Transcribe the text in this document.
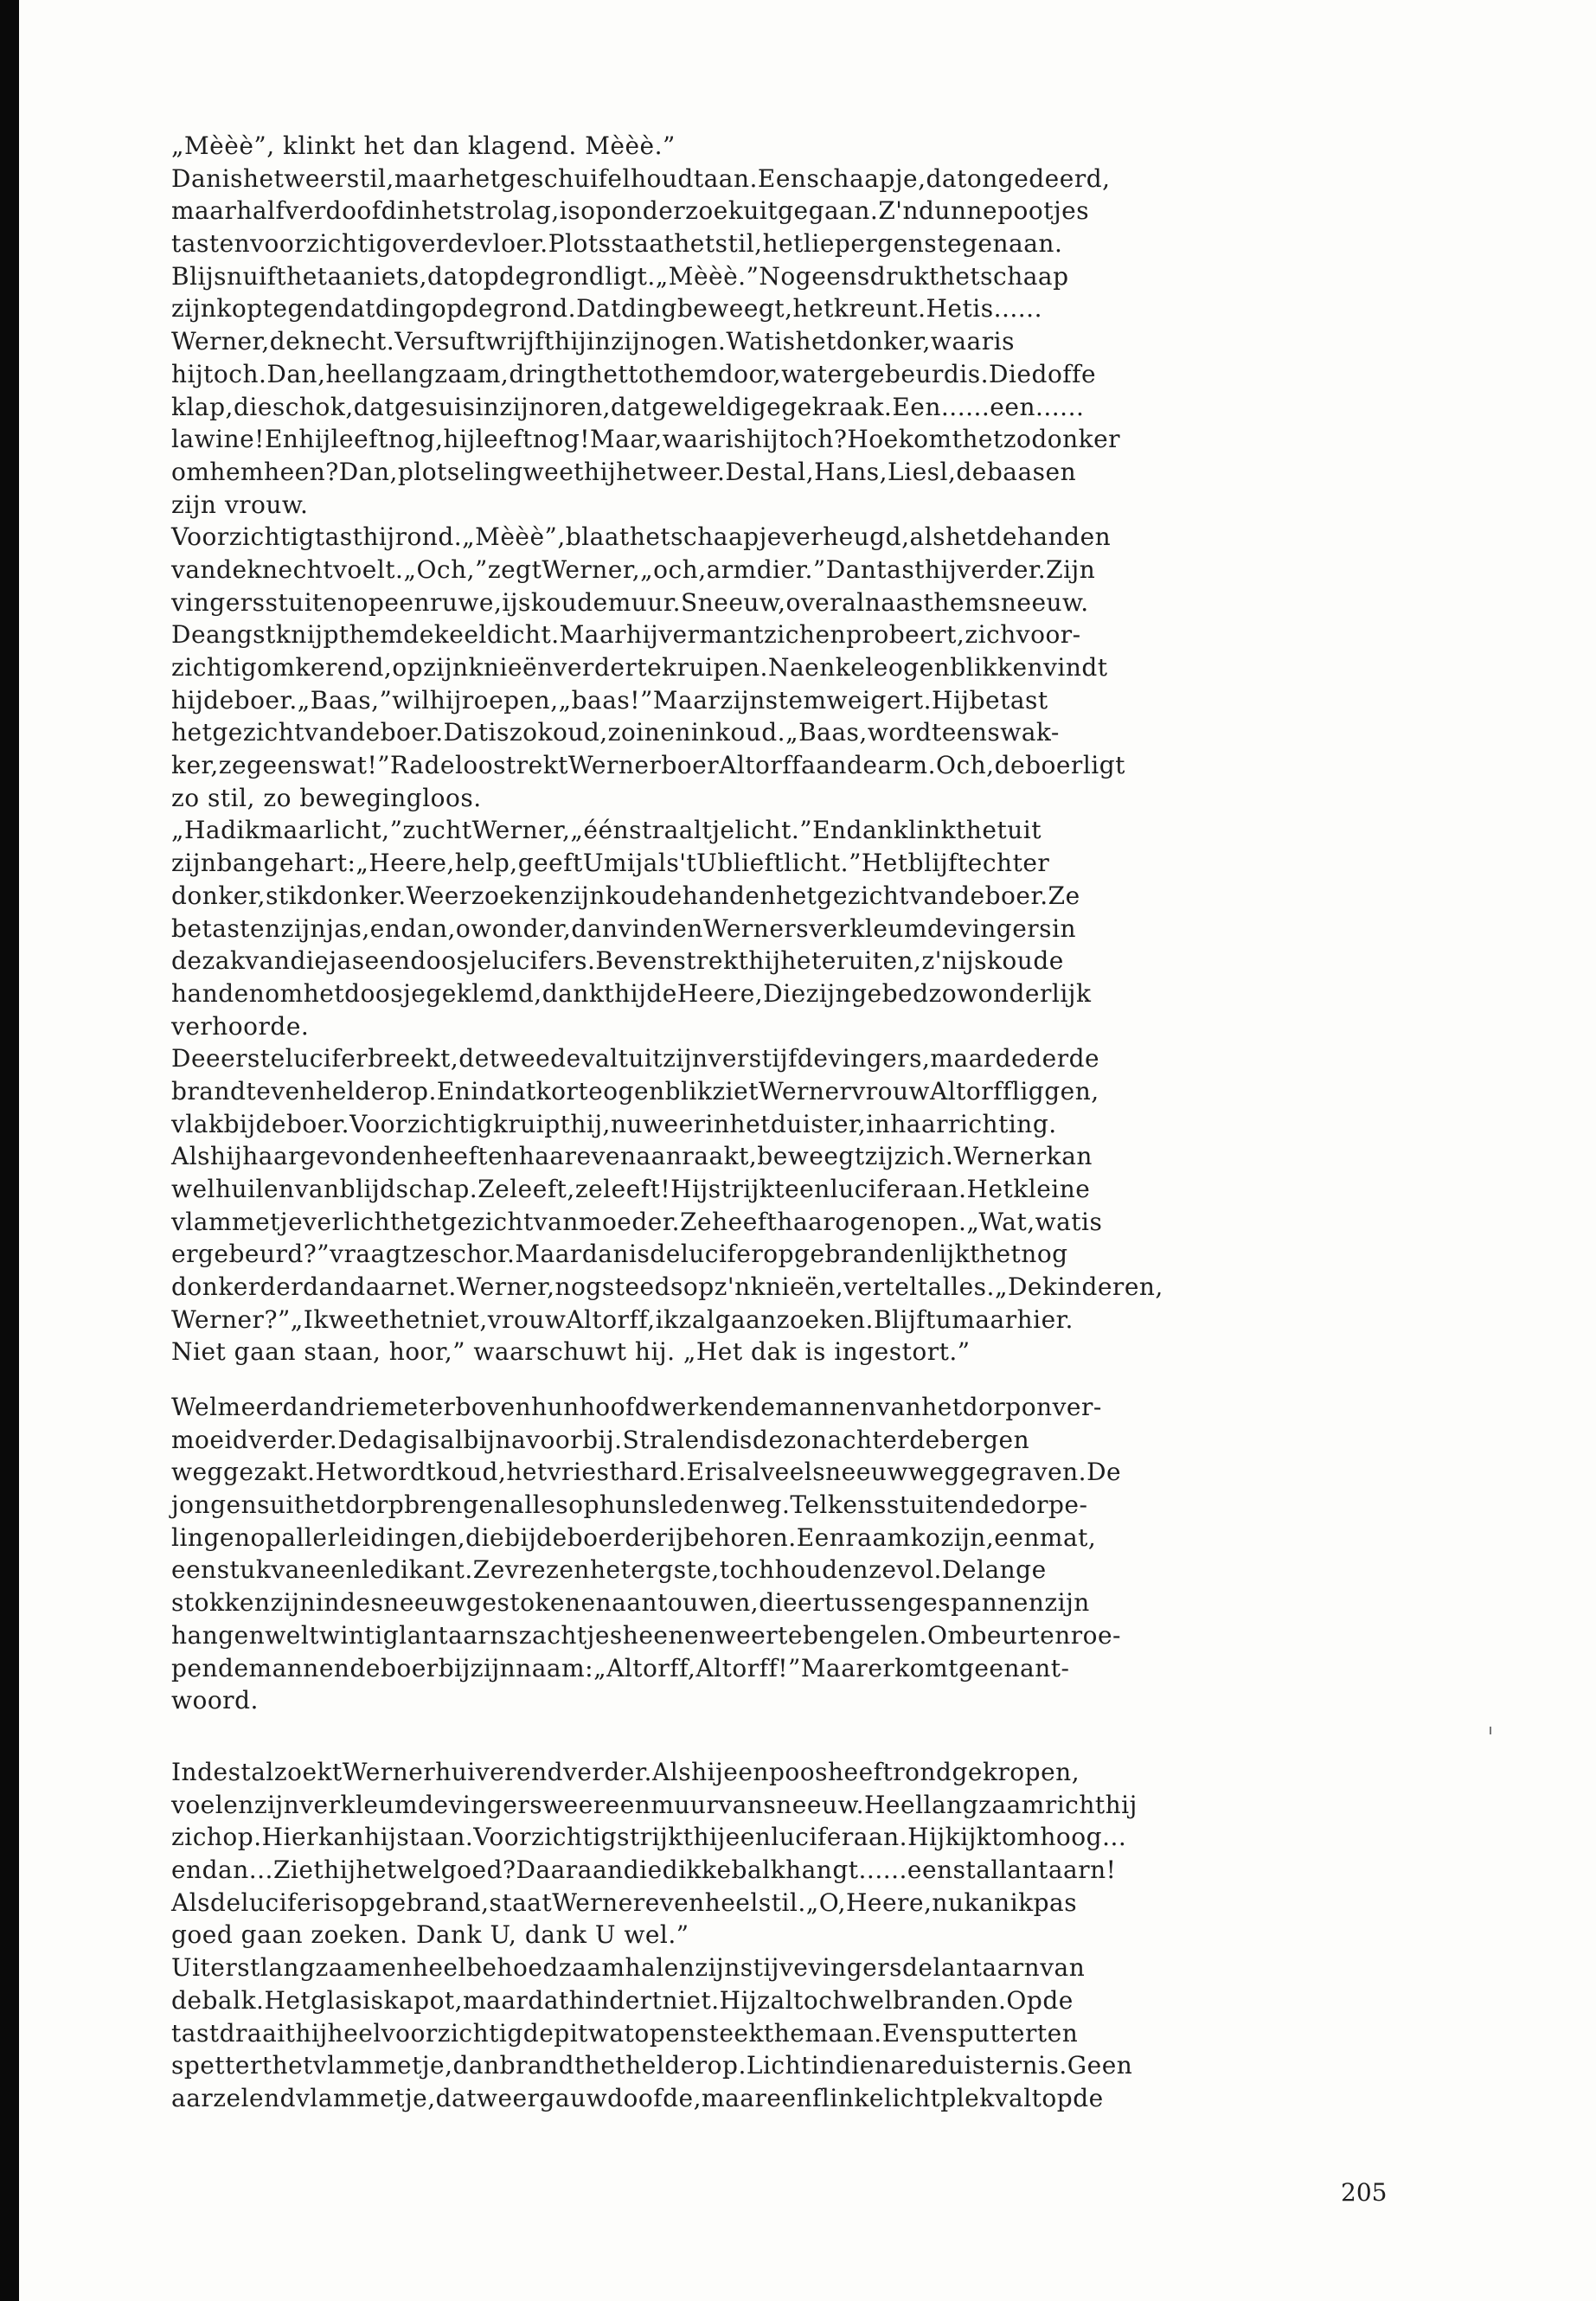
„Mèèè”, klinkt het dan klagend. Mèèè.”
Danishetweerstil,maarhetgeschuifelhoudtaan.Eenschaapje,datongedeerd,
maarhalfverdoofdinhetstrolag,isoponderzoekuitgegaan.Z'ndunnepootjes
tastenvoorzichtigoverdevloer.Plotsstaathetstil,hetliepergenstegenaan.
Blijsnuifthetaaniets,datopdegrondligt.„Mèèè.”Nogeensdrukthetschaap
zijnkoptegendatdingopdegrond.Datdingbeweegt,hetkreunt.Hetis......
Werner,deknecht.Versuftwrijfthijinzijnogen.Watishetdonker,waaris
hijtoch.Dan,heellangzaam,dringthettothemdoor,watergebeurdis.Diedoffe
klap,dieschok,datgesuisinzijnoren,datgeweldigegekraak.Een......een......
lawine!Enhijleeftnog,hijleeftnog!Maar,waarishijtoch?Hoekomthetzodonker
omhemheen?Dan,plotselingweethijhetweer.Destal,Hans,Liesl,debaasen
zijn vrouw.
Voorzichtigtasthijrond.„Mèèè”,blaathetschaapjeverheugd,alshetdehanden
vandeknechtvoelt.„Och,”zegtWerner,„och,armdier.”Dantasthijverder.Zijn
vingersstuitenopeenruwe,ijskoudemuur.Sneeuw,overalnaasthemsneeuw.
Deangstknijpthemdekeeldicht.Maarhijvermantzichenprobeert,zichvoor-
zichtigomkerend,opzijnknieënverdertekruipen.Naenkeleogenblikkenvindt
hijdeboer.„Baas,”wilhijroepen,„baas!”Maarzijnstemweigert.Hijbetast
hetgezichtvandeboer.Datiszokoud,zoineninkoud.„Baas,wordteenswak-
ker,zegeenswat!”RadeloostrektWernerboerAltorffaandearm.Och,deboerligt
zo stil, zo bewegingloos.
„Hadikmaarlicht,”zuchtWerner,„éénstraaltjelicht.”Endanklinkthetuit
zijnbangehart:„Heere,help,geeftUmijals'tUblieftlicht.”Hetblijftechter
donker,stikdonker.Weerzoekenzijnkoudehandenhetgezichtvandeboer.Ze
betastenzijnjas,endan,owonder,danvindenWernersverkleumdevingersin
dezakvandiejaseendoosjelucifers.Bevenstrekthijheteruiten,z'nijskoude
handenomhetdoosjegeklemd,dankthijdeHeere,Diezijngebedzowonderlijk
verhoorde.
Deeersteluciferbreekt,detweedevaltuitzijnverstijfdevingers,maardederde
brandtevenhelderop.EnindatkorteogenblikzietWernervrouwAltorffliggen,
vlakbijdeboer.Voorzichtigkruipthij,nuweerinhetduister,inhaarrichting.
Alshijhaargevondenheeftenhaarevenaanraakt,beweegtzijzich.Wernerkan
welhuilenvanblijdschap.Zeleeft,zeleeft!Hijstrijkteenluciferaan.Hetkleine
vlammetjeverlichthetgezichtvanmoeder.Zeheefthaarogenopen.„Wat,watis
ergebeurd?”vraagtzeschor.Maardanisdeluciferopgebrandenlijkthetnog
donkerderdandaarnet.Werner,nogsteedsopz'nknieën,verteltalles.„Dekinderen,
Werner?”„Ikweethetniet,vrouwAltorff,ikzalgaanzoeken.Blijftumaarhier.
Niet gaan staan, hoor,” waarschuwt hij. „Het dak is ingestort.”
Welmeerdandriemeterbovenhunhoofdwerkendemannenvanhetdorponver-
moeidverder.Dedagisalbijnavoorbij.Stralendisdezonachterdebergen
weggezakt.Hetwordtkoud,hetvriesthard.Erisalveelsneeuwweggegraven.De
jongensuithetdorpbrengenallesophunsledenweg.Telkensstuitendedorpe-
lingenopallerleidingen,diebijdeboerderijbehoren.Eenraamkozijn,eenmat,
eenstukvaneenledikant.Zevrezenhetergste,tochhoudenzevol.Delange
stokkenzijnindesneeuwgestokenenaantouwen,dieertussengespannenzijn
hangenweltwintiglantaarnszachtjesheenenweertebengelen.Ombeurtenroe-
pendemannendeboerbijzijnnaam:„Altorff,Altorff!”Maarerkomtgeenant-
woord.
IndestalzoektWernerhuiverendverder.Alshijeenpoosheeftrondgekropen,
voelenzijnverkleumdevingersweereenmuurvansneeuw.Heellangzaamrichthij
zichop.Hierkanhijstaan.Voorzichtigstrijkthijeenluciferaan.Hijkijktomhoog...
endan...Ziethijhetwelgoed?Daaraandiedikkebalkhangt......eenstallantaarn!
Alsdeluciferisopgebrand,staatWernerevenheelstil.„O,Heere,nukanikpas
goed gaan zoeken. Dank U, dank U wel.”
Uiterstlangzaamenheelbehoedzaamhalenzijnstijvevingersdelantaarnvan
debalk.Hetglasiskapot,maardathindertniet.Hijzaltochwelbranden.Opde
tastdraaithijheelvoorzichtigdepitwatopensteekthemaan.Evensputterten
spetterthetvlammetje,danbrandthethelderop.Lichtindienareduisternis.Geen
aarzelendvlammetje,datweergauwdoofde,maareenflinkelichtplekvaltopde
205
